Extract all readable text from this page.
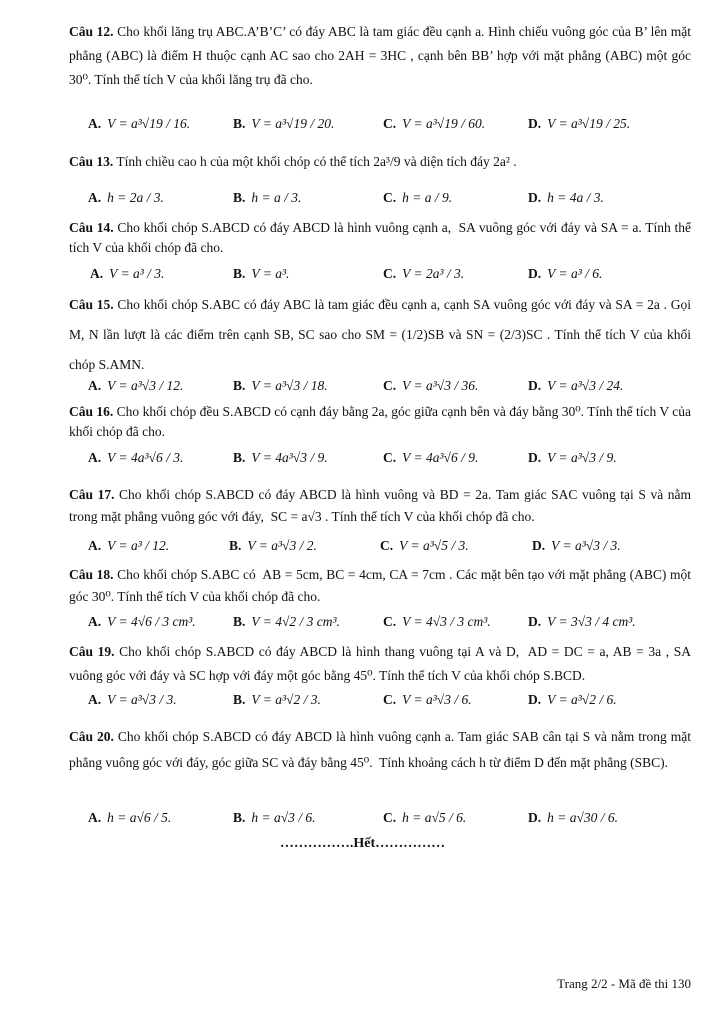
Câu 12. Cho khối lăng trụ ABC.A’B’C’ có đáy ABC là tam giác đều cạnh a. Hình chiếu vuông góc của B’ lên mặt phẳng (ABC) là điểm H thuộc cạnh AC sao cho 2AH = 3HC , cạnh bên BB’ hợp với mặt phẳng (ABC) một góc 30⁰. Tính thể tích V của khối lăng trụ đã cho.
A. V = a³√19 / 16.	B. V = a³√19 / 20.	C. V = a³√19 / 60.	D. V = a³√19 / 25.
Câu 13. Tính chiều cao h của một khối chóp có thể tích 2a³/9 và diện tích đáy 2a² .
A. h = 2a / 3.	B. h = a / 3.	C. h = a / 9.	D. h = 4a / 3.
Câu 14. Cho khối chóp S.ABCD có đáy ABCD là hình vuông cạnh a,  SA vuông góc với đáy và SA = a. Tính thể tích V của khối chóp đã cho.
A. V = a³ / 3.	B. V = a³.	C. V = 2a³ / 3.	D. V = a³ / 6.
Câu 15. Cho khối chóp S.ABC có đáy ABC là tam giác đều cạnh a, cạnh SA vuông góc với đáy và SA = 2a . Gọi M, N lần lượt là các điểm trên cạnh SB, SC sao cho SM = (1/2)SB và SN = (2/3)SC . Tính thể tích V của khối chóp S.AMN.
A. V = a³√3 / 12.	B. V = a³√3 / 18.	C. V = a³√3 / 36.	D. V = a³√3 / 24.
Câu 16. Cho khối chóp đều S.ABCD có cạnh đáy bằng 2a, góc giữa cạnh bên và đáy bằng 30⁰. Tính thể tích V của khối chóp đã cho.
A. V = 4a³√6 / 3.	B. V = 4a³√3 / 9.	C. V = 4a³√6 / 9.	D. V = a³√3 / 9.
Câu 17. Cho khối chóp S.ABCD có đáy ABCD là hình vuông và BD = 2a. Tam giác SAC vuông tại S và nằm trong mặt phẳng vuông góc với đáy,  SC = a√3 . Tính thể tích V của khối chóp đã cho.
A. V = a³ / 12.	B. V = a³√3 / 2.	C. V = a³√5 / 3.	D. V = a³√3 / 3.
Câu 18. Cho khối chóp S.ABC có  AB = 5cm, BC = 4cm, CA = 7cm . Các mặt bên tạo với mặt phẳng (ABC) một góc 30⁰. Tính thể tích V của khối chóp đã cho.
A. V = 4√6 / 3 cm³.	B. V = 4√2 / 3 cm³.	C. V = 4√3 / 3 cm³.	D. V = 3√3 / 4 cm³.
Câu 19. Cho khối chóp S.ABCD có đáy ABCD là hình thang vuông tại A và D,  AD = DC = a, AB = 3a , SA vuông góc với đáy và SC hợp với đáy một góc bằng 45⁰. Tính thể tích V của khối chóp S.BCD.
A. V = a³√3 / 3.	B. V = a³√2 / 3.	C. V = a³√3 / 6.	D. V = a³√2 / 6.
Câu 20. Cho khối chóp S.ABCD có đáy ABCD là hình vuông cạnh a. Tam giác SAB cân tại S và nằm trong mặt phẳng vuông góc với đáy, góc giữa SC và đáy bằng 45⁰.  Tính khoảng cách h từ điểm D đến mặt phẳng (SBC).
A. h = a√6 / 5.	B. h = a√3 / 6.	C. h = a√5 / 6.	D. h = a√30 / 6.
…………….Hết……………
Trang 2/2 - Mã đề thi 130
